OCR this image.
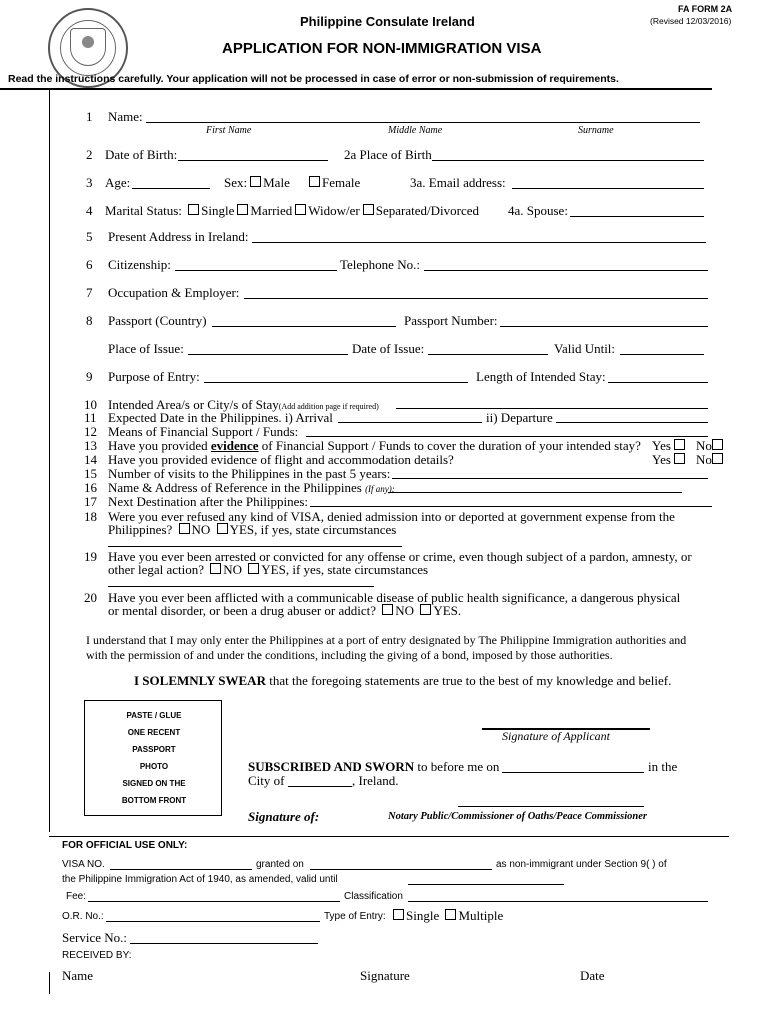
Philippine Consulate Ireland
FA FORM 2A
(Revised 12/03/2016)
APPLICATION FOR NON-IMMIGRATION VISA
Read the instructions carefully. Your application will not be processed in case of error or non-submission of requirements.
1 Name:
First Name	Middle Name	Surname
2 Date of Birth:	2a Place of Birth
3 Age:	Sex: Male	Female	3a. Email address:
4 Marital Status: Single Married Widow/er Separated/Divorced 4a. Spouse:
5 Present Address in Ireland:
6 Citizenship:	Telephone No.:
7 Occupation & Employer:
8 Passport (Country)	Passport Number:
Place of Issue:	Date of Issue:	Valid Until:
9 Purpose of Entry:	Length of Intended Stay:
10 Intended Area/s or City/s of Stay(Add addition page if required)
11 Expected Date in the Philippines. i) Arrival	ii) Departure
12 Means of Financial Support / Funds:
13 Have you provided evidence of Financial Support / Funds to cover the duration of your intended stay? Yes	No
14 Have you provided evidence of flight and accommodation details?	Yes	No
15 Number of visits to the Philippines in the past 5 years:
16 Name & Address of Reference in the Philippines (If any):
17 Next Destination after the Philippines:
18 Were you ever refused any kind of VISA, denied admission into or deported at government expense from the
Philippines? NO YES, if yes, state circumstances
19 Have you ever been arrested or convicted for any offense or crime, even though subject of a pardon, amnesty, or
other legal action? NO YES, if yes, state circumstances
20 Have you ever been afflicted with a communicable disease of public health significance, a dangerous physical
or mental disorder, or been a drug abuser or addict? NO YES.
I understand that I may only enter the Philippines at a port of entry designated by The Philippine Immigration authorities and
with the permission of and under the conditions, including the giving of a bond, imposed by those authorities.
I SOLEMNLY SWEAR that the foregoing statements are true to the best of my knowledge and belief.
PASTE / GLUE
ONE RECENT
PASSPORT
PHOTO
SIGNED ON THE
BOTTOM FRONT
Signature of Applicant
SUBSCRIBED AND SWORN to before me on	in the
City of	, Ireland.
Signature of:	Notary Public/Commissioner of Oaths/Peace Commissioner
FOR OFFICIAL USE ONLY:
VISA NO.	granted on	as non-immigrant under Section 9( ) of
the Philippine Immigration Act of 1940, as amended, valid until
Fee:	Classification
O.R. No.:	Type of Entry:	Single Multiple
Service No.:
RECEIVED BY:
Name	Signature	Date
